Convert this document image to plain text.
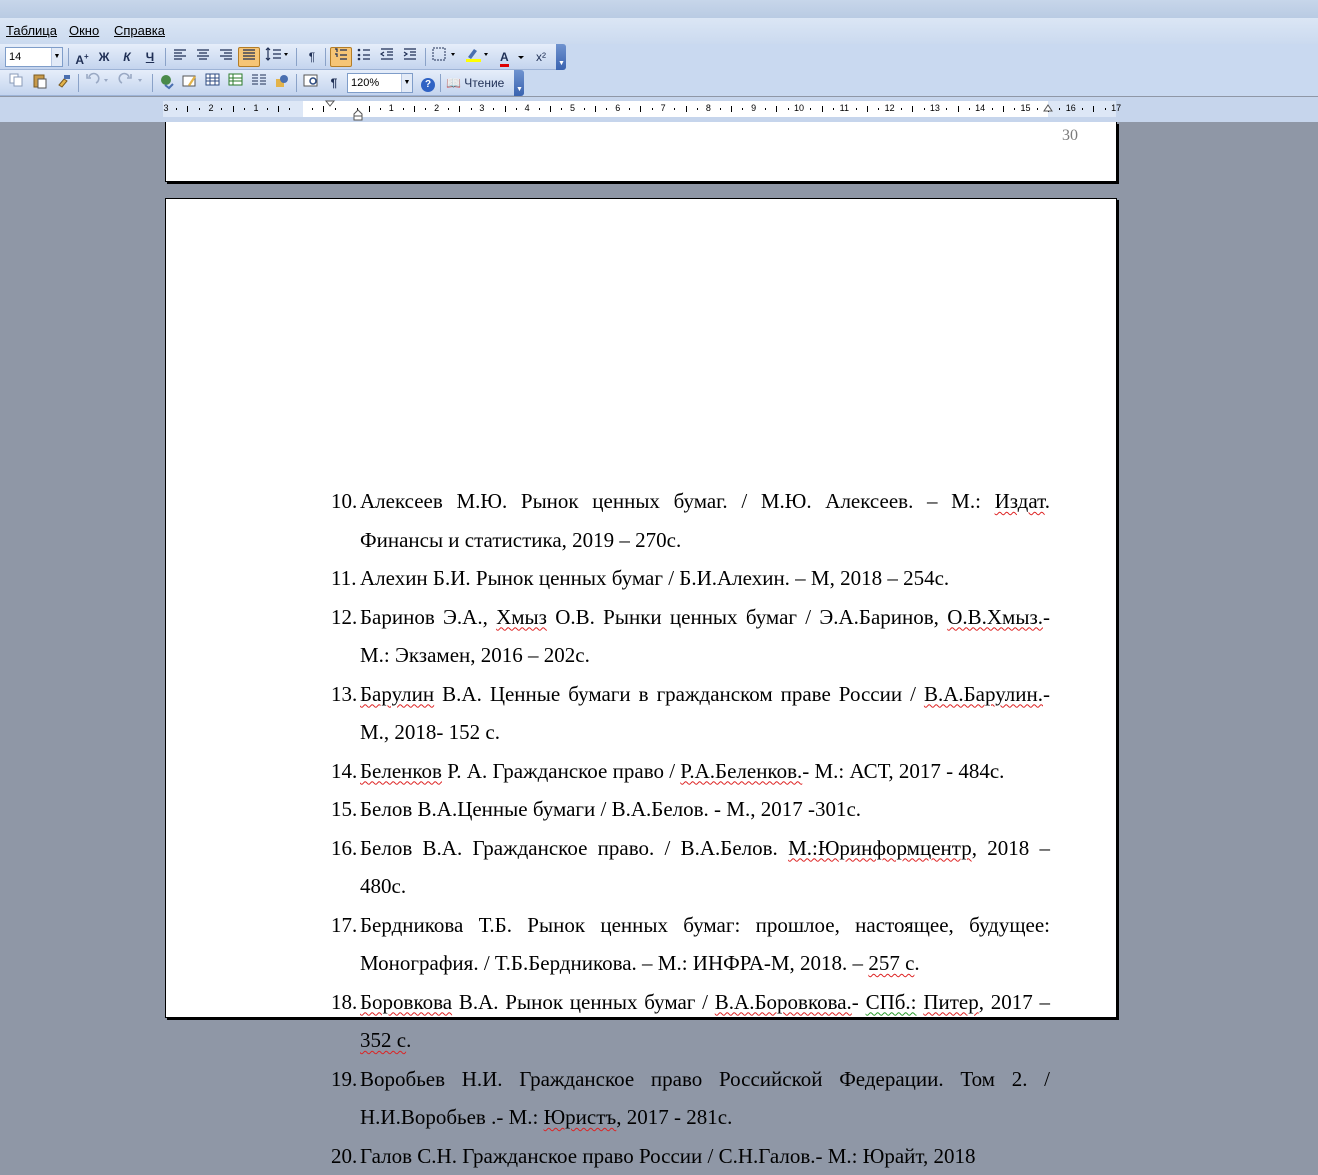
Таблица Окно Справка
14	▼ A+ Ж	К	Ч	¶	A	x²	▼
¶	120%	▼	?	📖 Чтение	▼
3	2	1	1	2	3	4	5	6	7	8	9	10	11	12	13	14	15	16	17
30
10. Алексеев М.Ю. Рынок ценных бумаг. / М.Ю. Алексеев. – М.: Издат. Финансы и статистика, 2019 – 270с.
11. Алехин Б.И. Рынок ценных бумаг / Б.И.Алехин. – М, 2018 – 254с.
12. Баринов Э.А., Хмыз О.В. Рынки ценных бумаг / Э.А.Баринов, О.В.Хмыз.- М.: Экзамен, 2016 – 202с.
13. Барулин В.А. Ценные бумаги в гражданском праве России / В.А.Барулин.- М., 2018- 152 с.
14. Беленков Р. А. Гражданское право / Р.А.Беленков.- М.: АСТ, 2017 - 484с.
15. Белов В.А.Ценные бумаги / В.А.Белов. - М., 2017 -301с.
16. Белов В.А. Гражданское право. / В.А.Белов. М.:Юринформцентр, 2018 – 480с.
17. Бердникова Т.Б. Рынок ценных бумаг: прошлое, настоящее, будущее: Монография. / Т.Б.Бердникова. – М.: ИНФРА-М, 2018. – 257 с.
18. Боровкова В.А. Рынок ценных бумаг / В.А.Боровкова.- СПб.: Питер, 2017 – 352 с.
19. Воробьев Н.И. Гражданское право Российской Федерации. Том 2. / Н.И.Воробьев .- М.: Юристъ, 2017 - 281с.
20. Галов С.Н. Гражданское право России / С.Н.Галов.- М.: Юрайт, 2018
